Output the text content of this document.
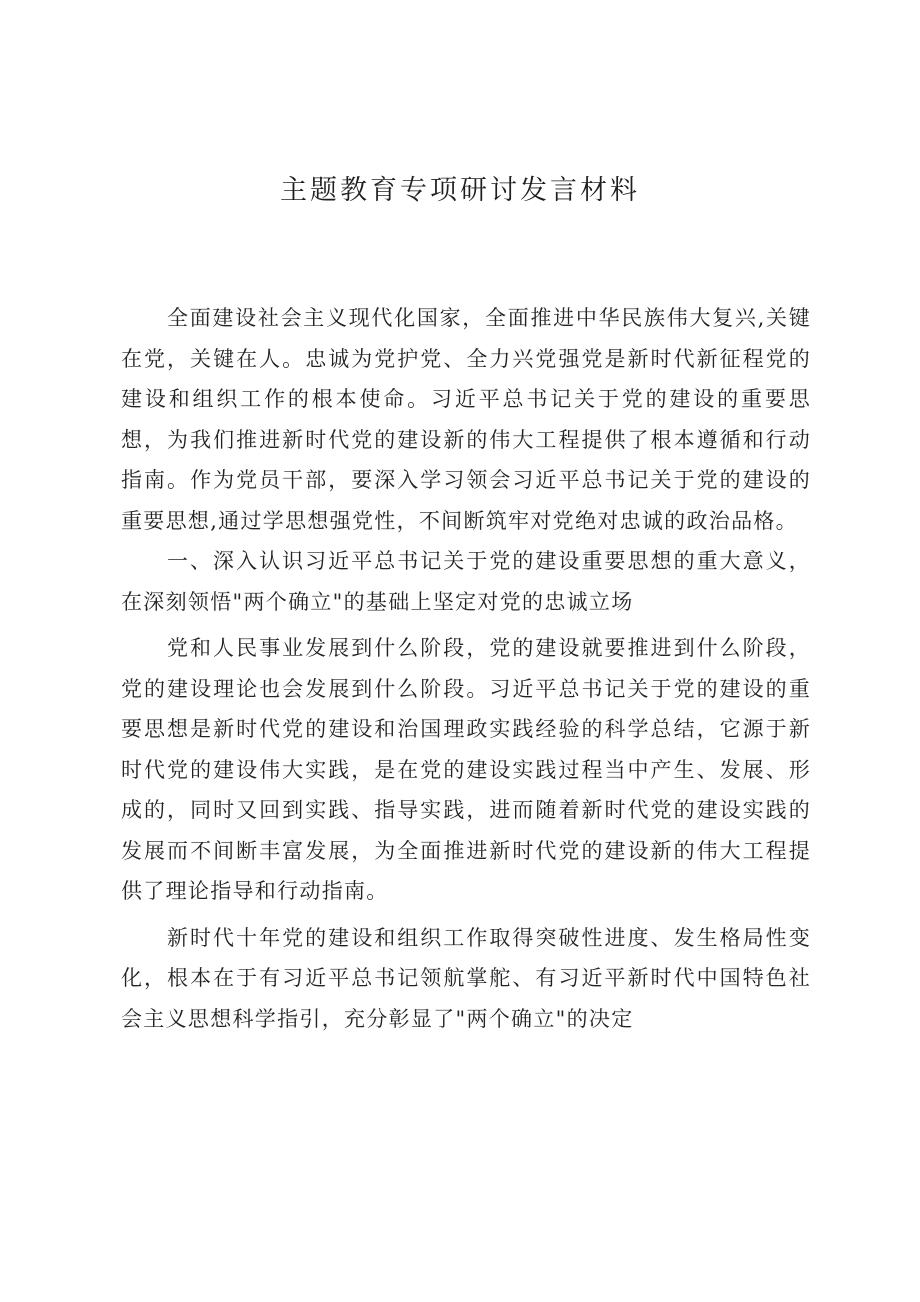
主题教育专项研讨发言材料

全面建设社会主义现代化国家，全面推进中华民族伟大复兴,关键在党，关键在人。忠诚为党护党、全力兴党强党是新时代新征程党的建设和组织工作的根本使命。习近平总书记关于党的建设的重要思想，为我们推进新时代党的建设新的伟大工程提供了根本遵循和行动指南。作为党员干部，要深入学习领会习近平总书记关于党的建设的重要思想,通过学思想强党性，不间断筑牢对党绝对忠诚的政治品格。

一、深入认识习近平总书记关于党的建设重要思想的重大意义，在深刻领悟"两个确立"的基础上坚定对党的忠诚立场

党和人民事业发展到什么阶段，党的建设就要推进到什么阶段，党的建设理论也会发展到什么阶段。习近平总书记关于党的建设的重要思想是新时代党的建设和治国理政实践经验的科学总结，它源于新时代党的建设伟大实践，是在党的建设实践过程当中产生、发展、形成的，同时又回到实践、指导实践，进而随着新时代党的建设实践的发展而不间断丰富发展，为全面推进新时代党的建设新的伟大工程提供了理论指导和行动指南。

新时代十年党的建设和组织工作取得突破性进度、发生格局性变化，根本在于有习近平总书记领航掌舵、有习近平新时代中国特色社会主义思想科学指引，充分彰显了"两个确立"的决定
